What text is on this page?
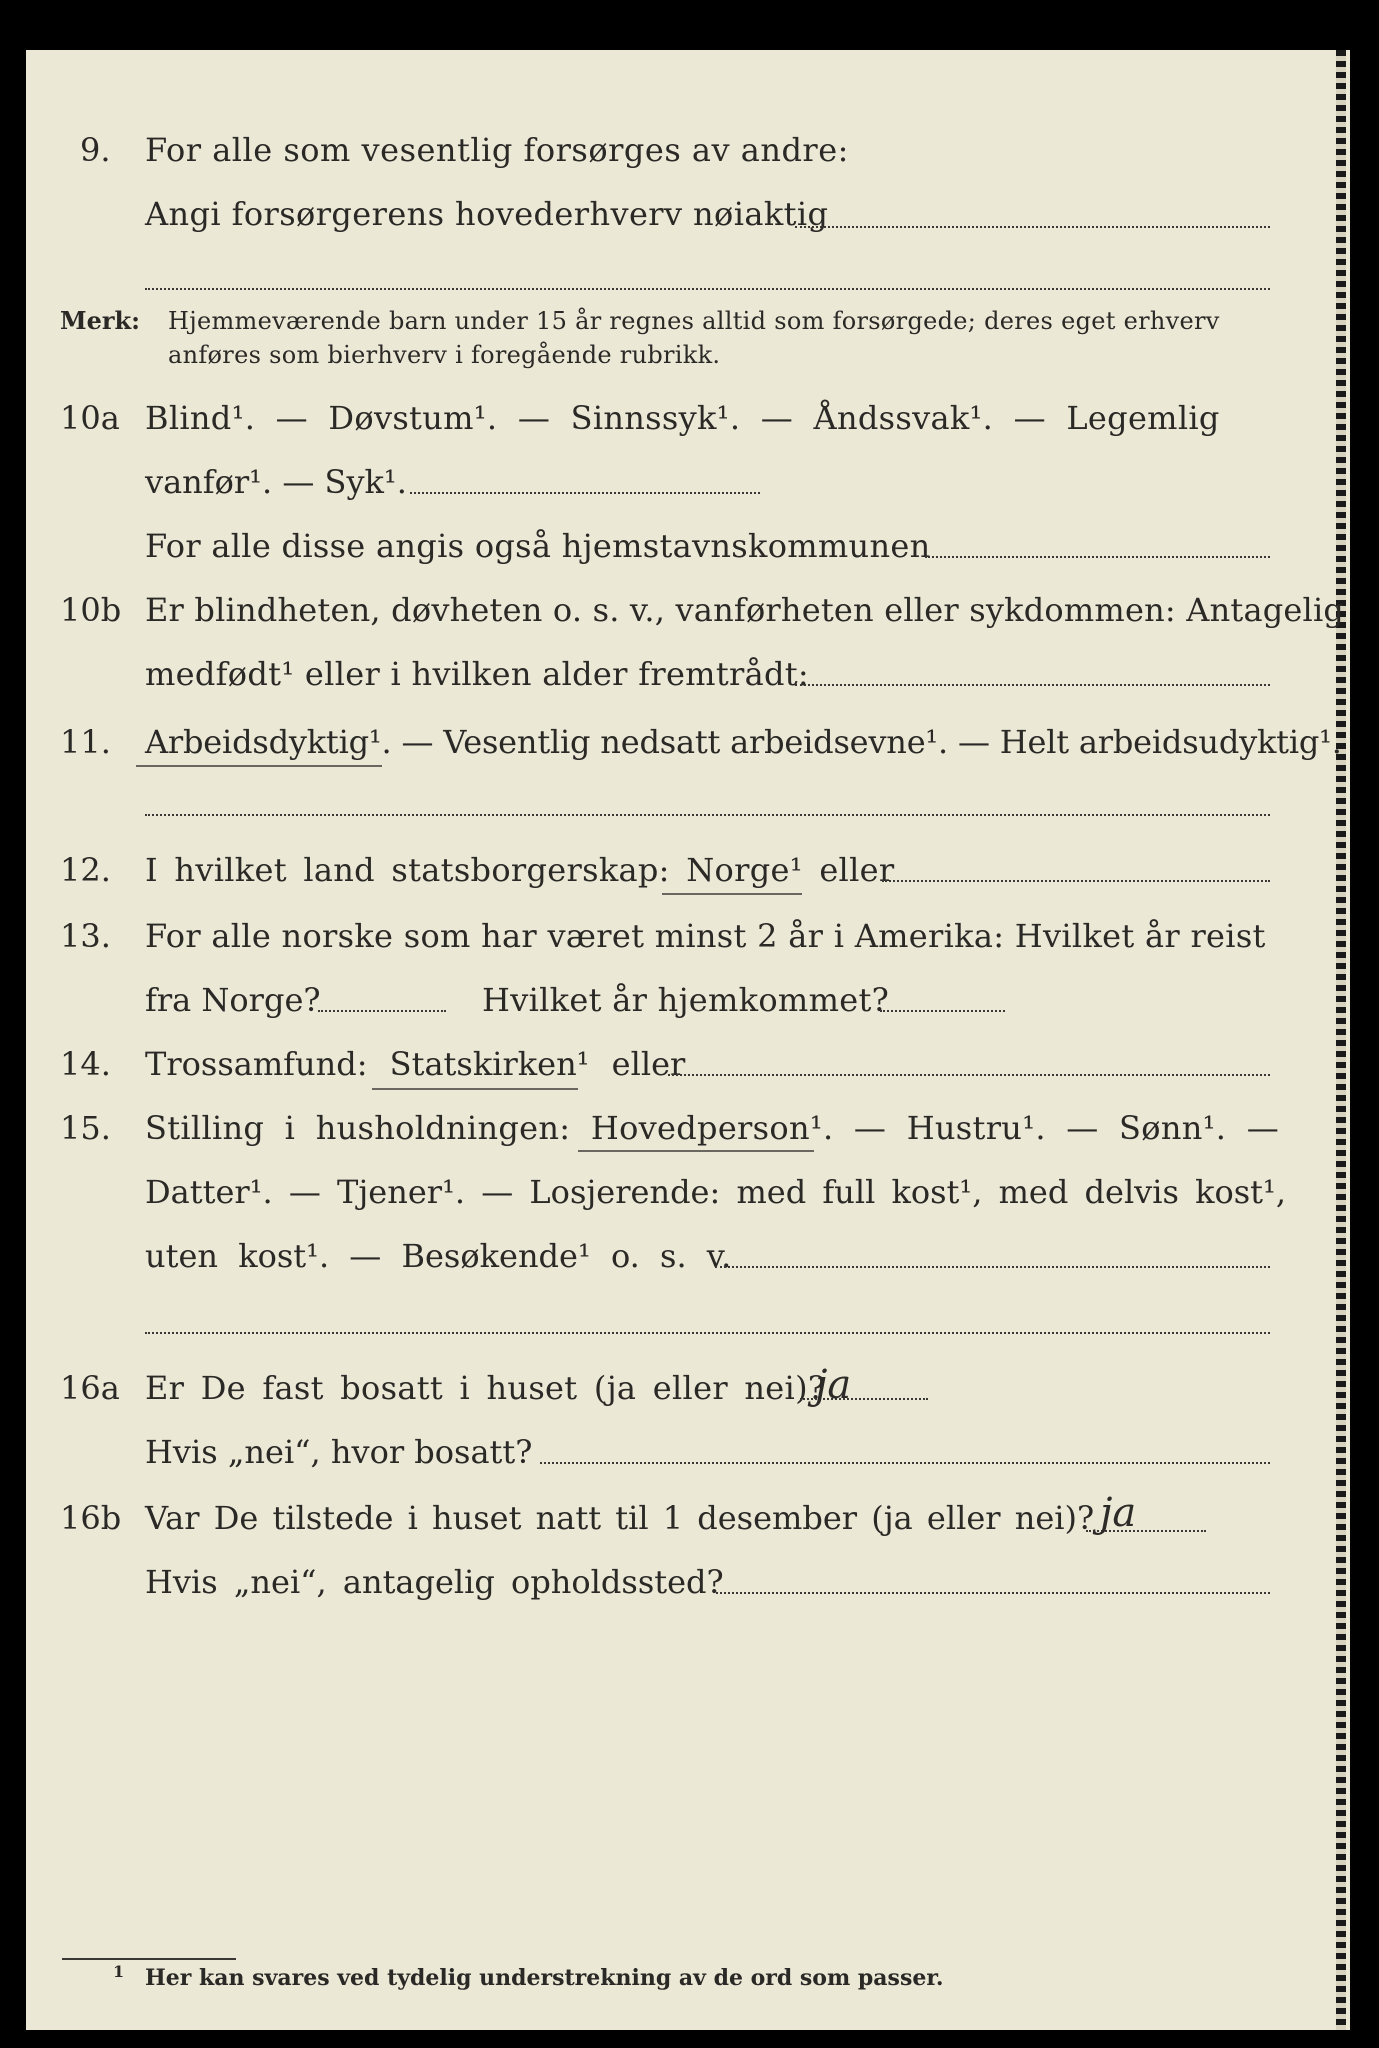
9. For alle som vesentlig forsørges av andre:
Angi forsørgerens hovederhverv nøiaktig
Merk: Hjemmeværende barn under 15 år regnes alltid som forsørgede; deres eget erhverv
anføres som bierhverv i foregående rubrikk.
10a Blind¹. — Døvstum¹. — Sinnssyk¹. — Åndssvak¹. — Legemlig
vanfør¹. — Syk¹.
For alle disse angis også hjemstavnskommunen
10b Er blindheten, døvheten o. s. v., vanførheten eller sykdommen: Antagelig
medfødt¹ eller i hvilken alder fremtrådt:
11. Arbeidsdyktig¹. — Vesentlig nedsatt arbeidsevne¹. — Helt arbeidsudyktig¹.
12. I hvilket land statsborgerskap: Norge¹ eller
13. For alle norske som har været minst 2 år i Amerika: Hvilket år reist
fra Norge?	Hvilket år hjemkommet?
14. Trossamfund: Statskirken¹ eller
15. Stilling i husholdningen: Hovedperson¹. — Hustru¹. — Sønn¹. —
Datter¹. — Tjener¹. — Losjerende: med full kost¹, med delvis kost¹,
uten kost¹. — Besøkende¹ o. s. v.
16a Er De fast bosatt i huset (ja eller nei)?
ja
Hvis „nei“, hvor bosatt?
16b Var De tilstede i huset natt til 1 desember (ja eller nei)? ja
Hvis „nei“, antagelig opholdssted?
1 Her kan svares ved tydelig understrekning av de ord som passer.
